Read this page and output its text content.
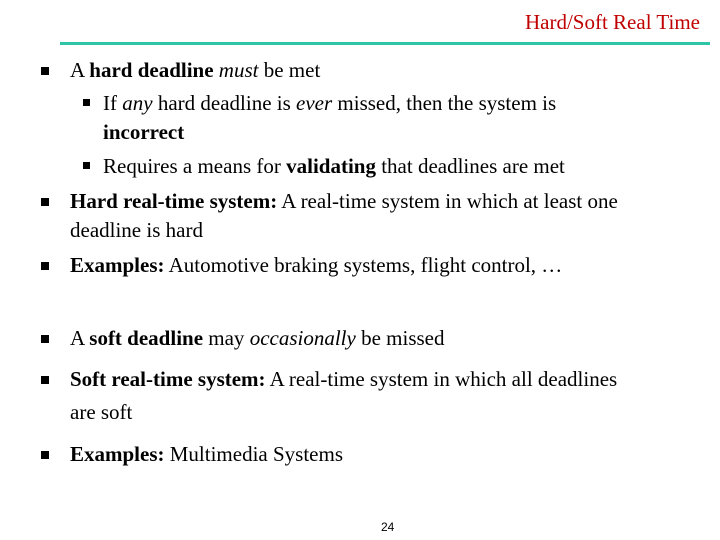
Hard/Soft Real Time
A hard deadline must be met
If any hard deadline is ever missed, then the system is
incorrect
Requires a means for validating that deadlines are met
Hard real-time system: A real-time system in which at least one
deadline is hard
Examples: Automotive braking systems, flight control, …
A soft deadline may occasionally be missed
Soft real-time system: A real-time system in which all deadlines
are soft
Examples: Multimedia Systems
24
